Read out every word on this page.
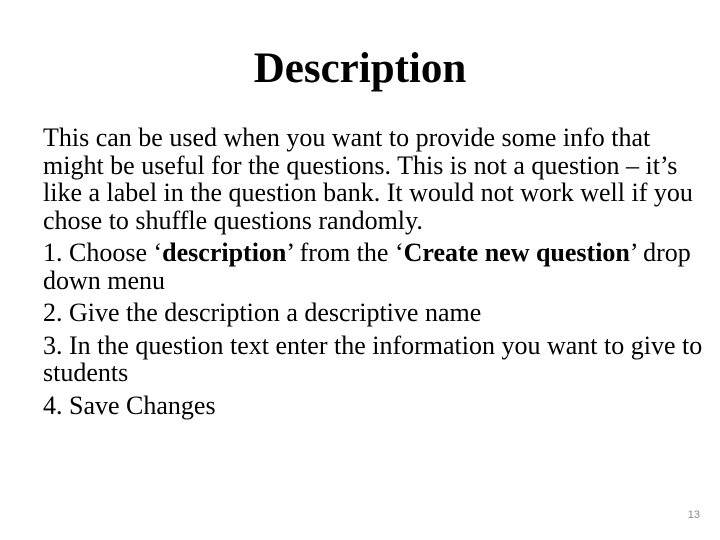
Description

This can be used when you want to provide some info that might be useful for the questions. This is not a question – it’s like a label in the question bank. It would not work well if you chose to shuffle questions randomly.

1. Choose ‘description’ from the ‘Create new question’ drop down menu

2. Give the description a descriptive name

3. In the question text enter the information you want to give to students

4. Save Changes

13
